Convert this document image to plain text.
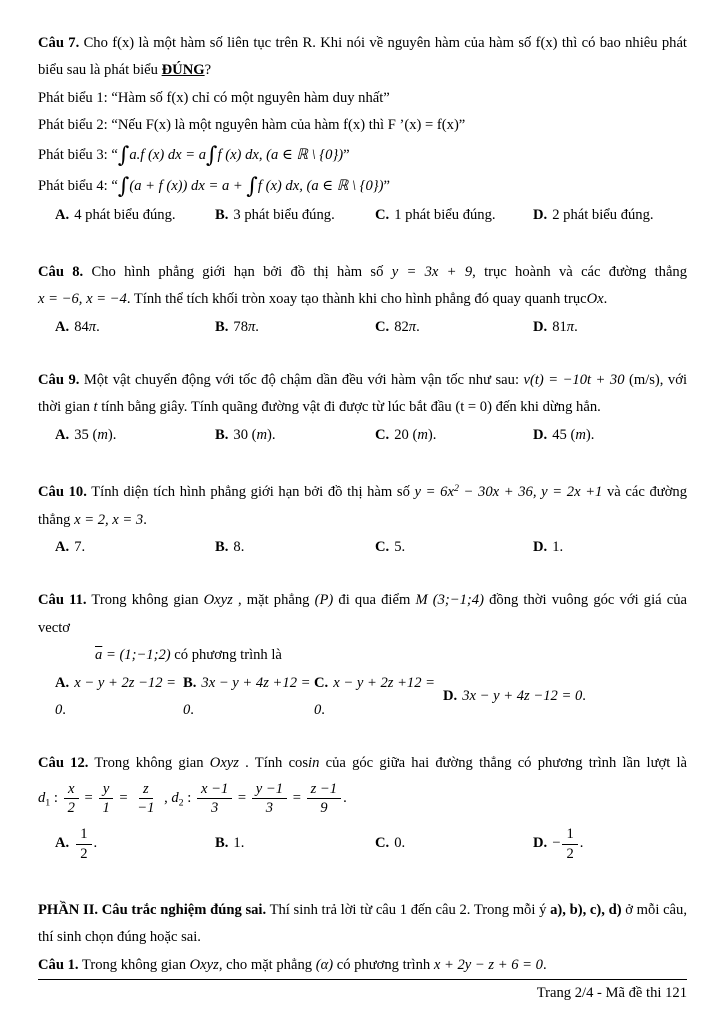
Câu 7. Cho f(x) là một hàm số liên tục trên R. Khi nói về nguyên hàm của hàm số f(x) thì có bao nhiêu phát
biểu sau là phát biểu ĐÚNG?
Phát biểu 1: “Hàm số f(x) chỉ có một nguyên hàm duy nhất”
Phát biểu 2: “Nếu F(x) là một nguyên hàm của hàm f(x) thì F ’(x) = f(x)”
Phát biểu 3: “∫a.f (x) dx = a∫f (x) dx, (a ∈ ℝ \ {0})”
Phát biểu 4: “∫(a + f (x)) dx = a + ∫f (x) dx, (a ∈ ℝ \ {0})”
A. 4 phát biểu đúng.	B. 3 phát biểu đúng.	C. 1 phát biểu đúng.	D. 2 phát biểu đúng.
Câu 8. Cho hình phẳng giới hạn bởi đồ thị hàm số y = 3x + 9, trục hoành và các đường thẳng
x = −6, x = −4. Tính thể tích khối tròn xoay tạo thành khi cho hình phẳng đó quay quanh trụcOx.
A. 84π.	B. 78π.	C. 82π.	D. 81π.
Câu 9. Một vật chuyển động với tốc độ chậm dần đều với hàm vận tốc như sau: v(t) = −10t + 30 (m/s), với
thời gian t tính bằng giây. Tính quãng đường vật đi được từ lúc bắt đầu (t = 0) đến khi dừng hẳn.
A. 35 (m).	B. 30 (m).	C. 20 (m).	D. 45 (m).
Câu 10. Tính diện tích hình phẳng giới hạn bởi đồ thị hàm số $y = 6x^2 - 30x + 36$, y = 2x +1 và các đường
thẳng x = 2, x = 3.
A. 7.	B. 8.	C. 5.	D. 1.
Câu 11. Trong không gian Oxyz , mặt phẳng (P) đi qua điểm M (3;−1;4) đồng thời vuông góc với giá của vectơ
$\overline{a}$ = (1;−1;2) có phương trình là
A. x − y + 2z −12 = 0.
B. 3x − y + 4z +12 = 0.
C. x − y + 2z +12 = 0.
D. 3x − y + 4z −12 = 0.
Câu 12. Trong không gian Oxyz . Tính cosin của góc giữa hai đường thẳng có phương trình lần lượt là
$d_1$ : $\frac{x}{2} = \frac{y}{1} = \frac{z}{-1}$ , $d_2$ : $\frac{x -1}{3} = \frac{y -1}{3} = \frac{z -1}{9}$ .
A. $\frac{1}{2}$ .	B. 1.	C. 0.	D. − $\frac{1}{2}$ .
PHẦN II. Câu trắc nghiệm đúng sai. Thí sinh trả lời từ câu 1 đến câu 2. Trong mỗi ý a), b), c), d) ở mỗi câu,
thí sinh chọn đúng hoặc sai.
Câu 1. Trong không gian Oxyz, cho mặt phẳng (α) có phương trình x + 2y − z + 6 = 0.
Trang 2/4 - Mã đề thi 121
